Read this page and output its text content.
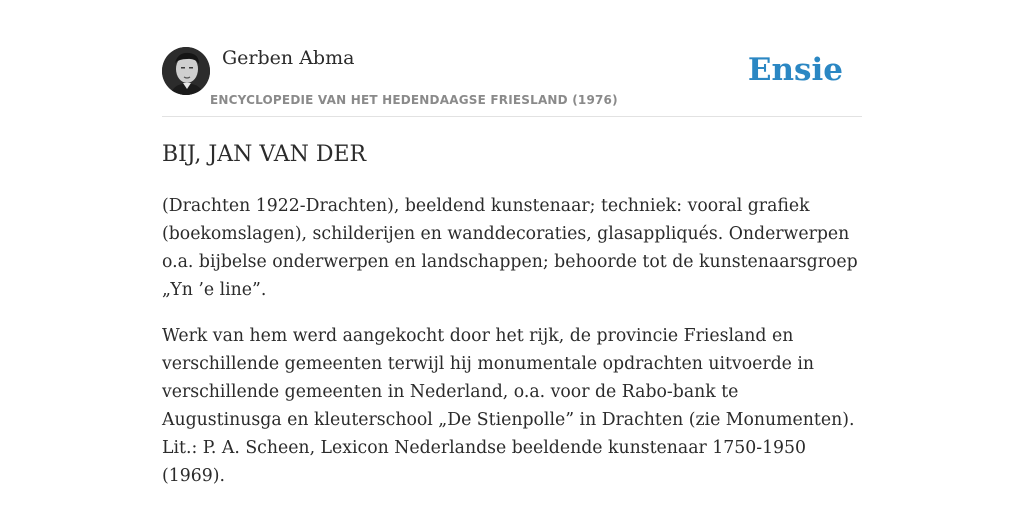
Gerben Abma
ENCYCLOPEDIE VAN HET HEDENDAAGSE FRIESLAND (1976)
Ensie
BIJ, JAN VAN DER

(Drachten 1922-Drachten), beeldend kunstenaar; techniek: vooral grafiek (boekomslagen), schilderijen en wanddecoraties, glasappliqués. Onderwerpen o.a. bijbelse onderwerpen en landschappen; behoorde tot de kunstenaarsgroep „Yn ’e line”.

Werk van hem werd aangekocht door het rijk, de provincie Friesland en verschillende gemeenten terwijl hij monumentale opdrachten uitvoerde in verschillende gemeenten in Nederland, o.a. voor de Rabo-bank te Augustinusga en kleuterschool „De Stienpolle” in Drachten (zie Monumenten). Lit.: P. A. Scheen, Lexicon Nederlandse beeldende kunstenaar 1750-1950 (1969).
